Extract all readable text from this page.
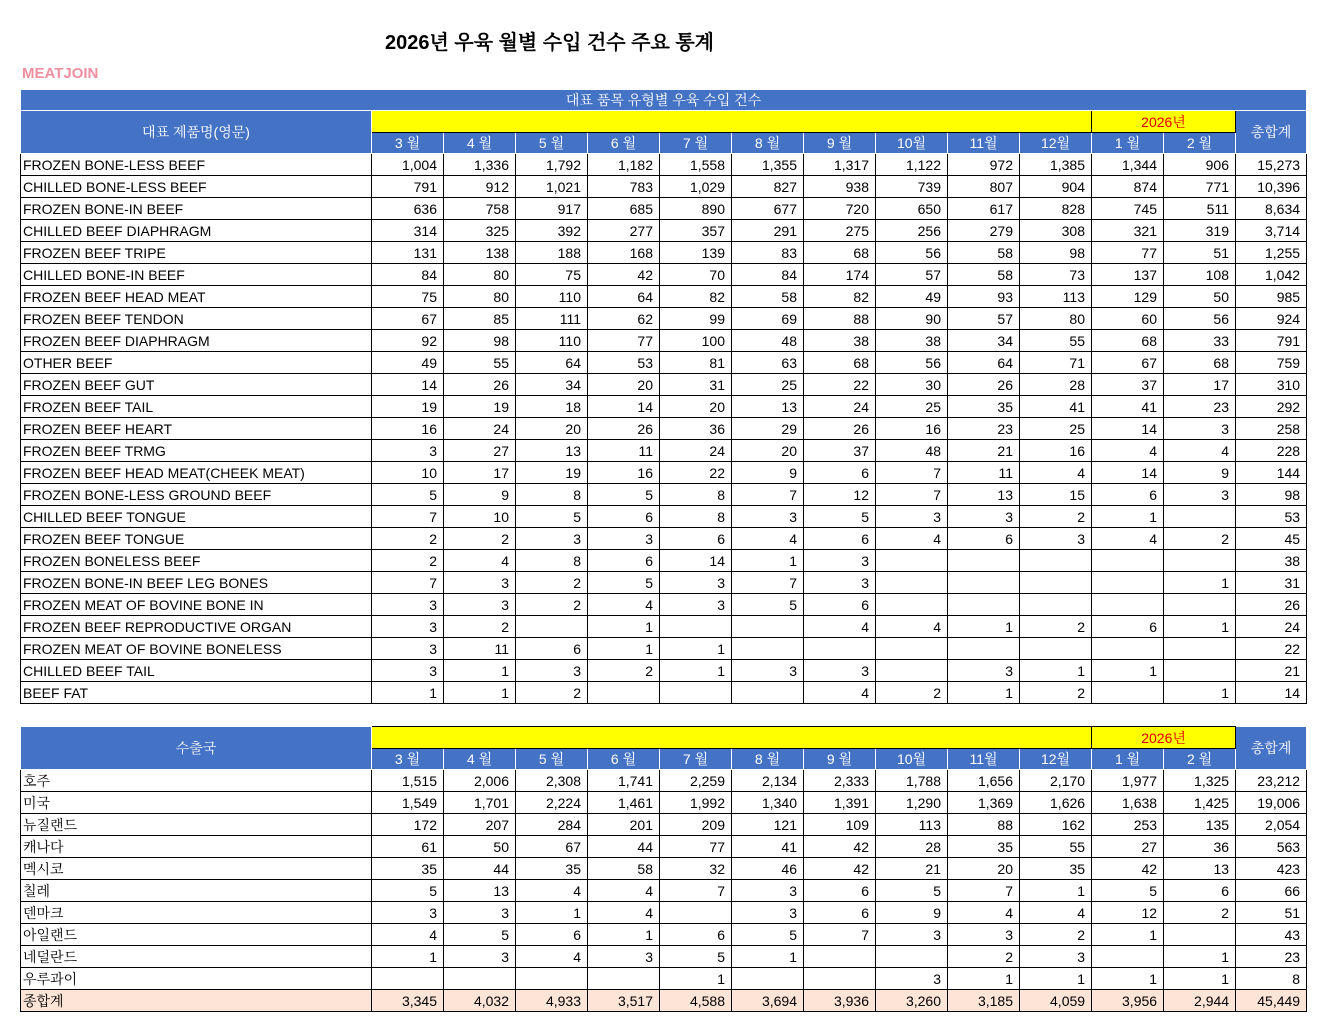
2026년 우육 월별 수입 건수 주요 통계
MEATJOIN
대표 품목 유형별 우육 수입 건수													
대표 제품명(영문)											2026년		총합계
	3 월	4 월	5 월	6 월	7 월	8 월	9 월	10월	11월	12월	1 월	2 월	
FROZEN BONE-LESS BEEF	1,004	1,336	1,792	1,182	1,558	1,355	1,317	1,122	972	1,385	1,344	906	15,273
CHILLED BONE-LESS BEEF	791	912	1,021	783	1,029	827	938	739	807	904	874	771	10,396
FROZEN BONE-IN BEEF	636	758	917	685	890	677	720	650	617	828	745	511	8,634
CHILLED BEEF DIAPHRAGM	314	325	392	277	357	291	275	256	279	308	321	319	3,714
FROZEN BEEF TRIPE	131	138	188	168	139	83	68	56	58	98	77	51	1,255
CHILLED BONE-IN BEEF	84	80	75	42	70	84	174	57	58	73	137	108	1,042
FROZEN BEEF HEAD MEAT	75	80	110	64	82	58	82	49	93	113	129	50	985
FROZEN BEEF TENDON	67	85	111	62	99	69	88	90	57	80	60	56	924
FROZEN BEEF DIAPHRAGM	92	98	110	77	100	48	38	38	34	55	68	33	791
OTHER BEEF	49	55	64	53	81	63	68	56	64	71	67	68	759
FROZEN BEEF GUT	14	26	34	20	31	25	22	30	26	28	37	17	310
FROZEN BEEF TAIL	19	19	18	14	20	13	24	25	35	41	41	23	292
FROZEN BEEF HEART	16	24	20	26	36	29	26	16	23	25	14	3	258
FROZEN BEEF TRMG	3	27	13	11	24	20	37	48	21	16	4	4	228
FROZEN BEEF HEAD MEAT(CHEEK MEAT)	10	17	19	16	22	9	6	7	11	4	14	9	144
FROZEN BONE-LESS GROUND BEEF	5	9	8	5	8	7	12	7	13	15	6	3	98
CHILLED BEEF TONGUE	7	10	5	6	8	3	5	3	3	2	1		53
FROZEN BEEF TONGUE	2	2	3	3	6	4	6	4	6	3	4	2	45
FROZEN BONELESS BEEF	2	4	8	6	14	1	3						38
FROZEN BONE-IN BEEF LEG BONES	7	3	2	5	3	7	3					1	31
FROZEN MEAT OF BOVINE BONE IN	3	3	2	4	3	5	6						26
FROZEN BEEF REPRODUCTIVE ORGAN	3	2		1			4	4	1	2	6	1	24
FROZEN MEAT OF BOVINE BONELESS	3	11	6	1	1								22
CHILLED BEEF TAIL	3	1	3	2	1	3	3		3	1	1		21
BEEF FAT	1	1	2				4	2	1	2		1	14
수출국											2026년		총합계
	3 월	4 월	5 월	6 월	7 월	8 월	9 월	10월	11월	12월	1 월	2 월	
호주	1,515	2,006	2,308	1,741	2,259	2,134	2,333	1,788	1,656	2,170	1,977	1,325	23,212
미국	1,549	1,701	2,224	1,461	1,992	1,340	1,391	1,290	1,369	1,626	1,638	1,425	19,006
뉴질랜드	172	207	284	201	209	121	109	113	88	162	253	135	2,054
캐나다	61	50	67	44	77	41	42	28	35	55	27	36	563
멕시코	35	44	35	58	32	46	42	21	20	35	42	13	423
칠레	5	13	4	4	7	3	6	5	7	1	5	6	66
덴마크	3	3	1	4		3	6	9	4	4	12	2	51
아일랜드	4	5	6	1	6	5	7	3	3	2	1		43
네덜란드	1	3	4	3	5	1			2	3		1	23
우루과이					1			3	1	1	1	1	8
종합계	3,345	4,032	4,933	3,517	4,588	3,694	3,936	3,260	3,185	4,059	3,956	2,944	45,449
